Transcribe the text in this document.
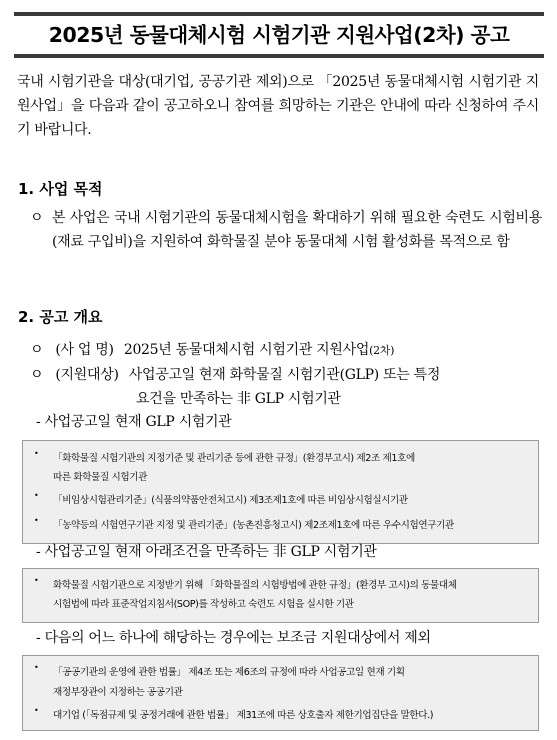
2025년 동물대체시험 시험기관 지원사업(2차) 공고
국내 시험기관을 대상(대기업, 공공기관 제외)으로 「2025년 동물대체시험 시험기관 지원사업」을 다음과 같이 공고하오니 참여를 희망하는 기관은 안내에 따라 신청하여 주시기 바랍니다.
1. 사업 목적
ㅇ 본 사업은 국내 시험기관의 동물대체시험을 확대하기 위해 필요한 숙련도 시험비용(재료 구입비)을 지원하여 화학물질 분야 동물대체 시험 활성화를 목적으로 함
2. 공고 개요
ㅇ (사 업 명) 2025년 동물대체시험 시험기관 지원사업(2차)
ㅇ (지원대상) 사업공고일 현재 화학물질 시험기관(GLP) 또는 특정
요건을 만족하는 非 GLP 시험기관
- 사업공고일 현재 GLP 시험기관
• 「화학물질 시험기관의 지정기준 및 관리기준 등에 관한 규정」(환경부고시) 제2조 제1호에
따른 화학물질 시험기관
• 「비임상시험관리기준」(식품의약품안전처고시) 제3조제1호에 따른 비임상시험실시기관
• 「농약등의 시험연구기관 지정 및 관리기준」(농촌진흥청고시) 제2조제1호에 따른 우수시험연구기관
- 사업공고일 현재 아래조건을 만족하는 非 GLP 시험기관
• 화학물질 시험기관으로 지정받기 위해 「화학물질의 시험방법에 관한 규정」(환경부 고시)의 동물대체
시험법에 따라 표준작업지침서(SOP)를 작성하고 숙련도 시험을 실시한 기관
- 다음의 어느 하나에 해당하는 경우에는 보조금 지원대상에서 제외
• 「공공기관의 운영에 관한 법률」 제4조 또는 제6조의 규정에 따라 사업공고일 현재 기획
재정부장관이 지정하는 공공기관
• 대기업 (「독점규제 및 공정거래에 관한 법률」 제31조에 따른 상호출자 제한기업집단을 말한다.)
